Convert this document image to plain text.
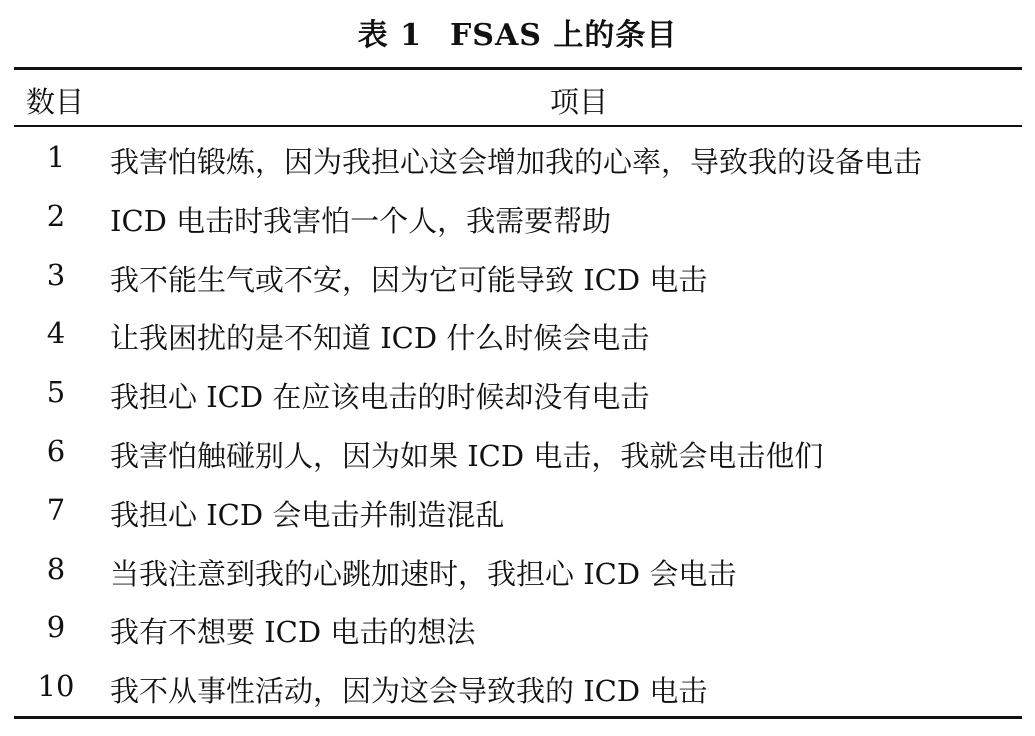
表 1 FSAS 上的条目
数目	项目
1	我害怕锻炼，因为我担心这会增加我的心率，导致我的设备电击
2	ICD 电击时我害怕一个人，我需要帮助
3	我不能生气或不安，因为它可能导致 ICD 电击
4	让我困扰的是不知道 ICD 什么时候会电击
5	我担心 ICD 在应该电击的时候却没有电击
6	我害怕触碰别人，因为如果 ICD 电击，我就会电击他们
7	我担心 ICD 会电击并制造混乱
8	当我注意到我的心跳加速时，我担心 ICD 会电击
9	我有不想要 ICD 电击的想法
10	我不从事性活动，因为这会导致我的 ICD 电击
